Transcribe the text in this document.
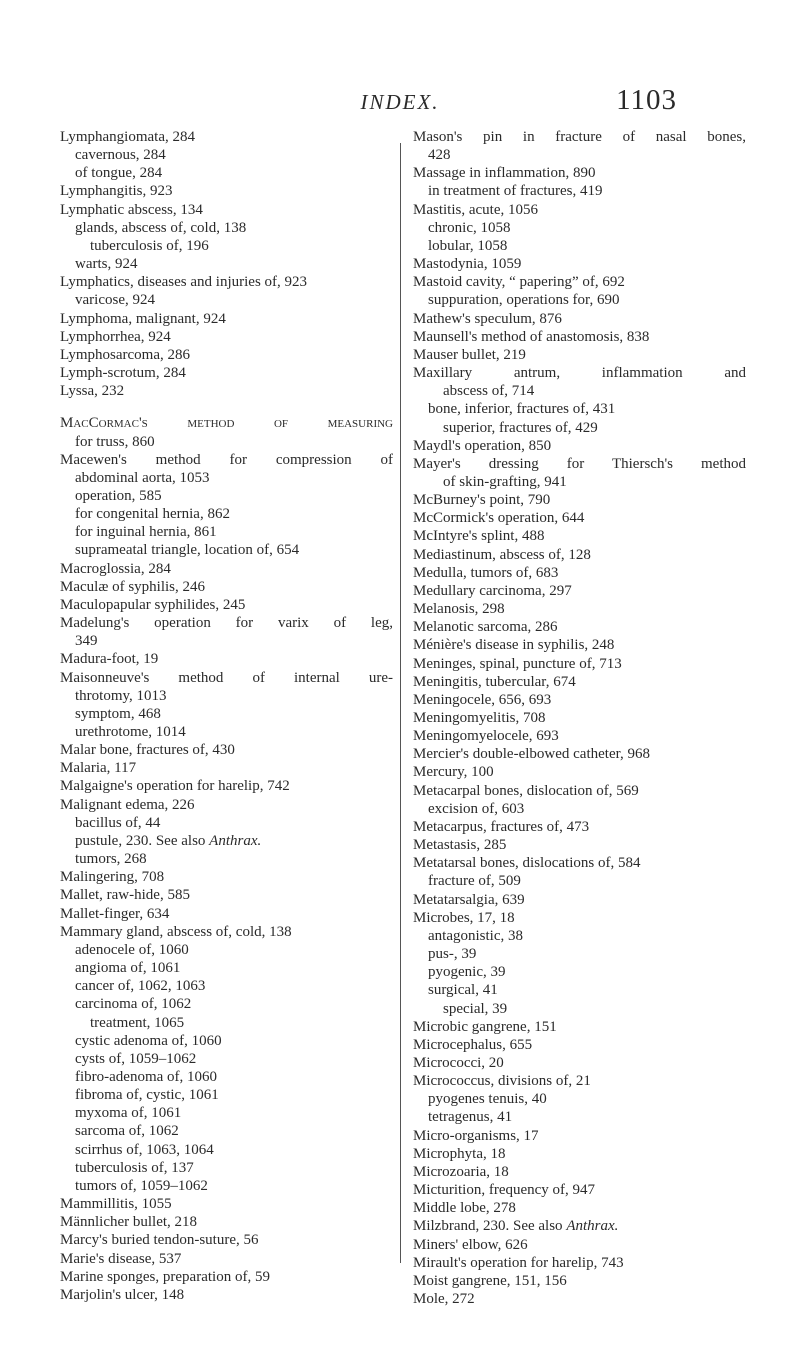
INDEX.	1103
Lymphangiomata, 284
cavernous, 284
of tongue, 284
Lymphangitis, 923
Lymphatic abscess, 134
glands, abscess of, cold, 138
tuberculosis of, 196
warts, 924
Lymphatics, diseases and injuries of, 923
varicose, 924
Lymphoma, malignant, 924
Lymphorrhea, 924
Lymphosarcoma, 286
Lymph-scrotum, 284
Lyssa, 232
MacCormac's method of measuring
for truss, 860
Macewen's method for compression of
abdominal aorta, 1053
operation, 585
for congenital hernia, 862
for inguinal hernia, 861
suprameatal triangle, location of, 654
Macroglossia, 284
Maculæ of syphilis, 246
Maculopapular syphilides, 245
Madelung's operation for varix of leg,
349
Madura-foot, 19
Maisonneuve's method of internal ure-
throtomy, 1013
symptom, 468
urethrotome, 1014
Malar bone, fractures of, 430
Malaria, 117
Malgaigne's operation for harelip, 742
Malignant edema, 226
bacillus of, 44
pustule, 230. See also Anthrax.
tumors, 268
Malingering, 708
Mallet, raw-hide, 585
Mallet-finger, 634
Mammary gland, abscess of, cold, 138
adenocele of, 1060
angioma of, 1061
cancer of, 1062, 1063
carcinoma of, 1062
treatment, 1065
cystic adenoma of, 1060
cysts of, 1059–1062
fibro-adenoma of, 1060
fibroma of, cystic, 1061
myxoma of, 1061
sarcoma of, 1062
scirrhus of, 1063, 1064
tuberculosis of, 137
tumors of, 1059–1062
Mammillitis, 1055
Männlicher bullet, 218
Marcy's buried tendon-suture, 56
Marie's disease, 537
Marine sponges, preparation of, 59
Marjolin's ulcer, 148
Mason's pin in fracture of nasal bones,
428
Massage in inflammation, 890
in treatment of fractures, 419
Mastitis, acute, 1056
chronic, 1058
lobular, 1058
Mastodynia, 1059
Mastoid cavity, “ papering” of, 692
suppuration, operations for, 690
Mathew's speculum, 876
Maunsell's method of anastomosis, 838
Mauser bullet, 219
Maxillary antrum, inflammation and
abscess of, 714
bone, inferior, fractures of, 431
superior, fractures of, 429
Maydl's operation, 850
Mayer's dressing for Thiersch's method
of skin-grafting, 941
McBurney's point, 790
McCormick's operation, 644
McIntyre's splint, 488
Mediastinum, abscess of, 128
Medulla, tumors of, 683
Medullary carcinoma, 297
Melanosis, 298
Melanotic sarcoma, 286
Ménière's disease in syphilis, 248
Meninges, spinal, puncture of, 713
Meningitis, tubercular, 674
Meningocele, 656, 693
Meningomyelitis, 708
Meningomyelocele, 693
Mercier's double-elbowed catheter, 968
Mercury, 100
Metacarpal bones, dislocation of, 569
excision of, 603
Metacarpus, fractures of, 473
Metastasis, 285
Metatarsal bones, dislocations of, 584
fracture of, 509
Metatarsalgia, 639
Microbes, 17, 18
antagonistic, 38
pus-, 39
pyogenic, 39
surgical, 41
special, 39
Microbic gangrene, 151
Microcephalus, 655
Micrococci, 20
Micrococcus, divisions of, 21
pyogenes tenuis, 40
tetragenus, 41
Micro-organisms, 17
Microphyta, 18
Microzoaria, 18
Micturition, frequency of, 947
Middle lobe, 278
Milzbrand, 230. See also Anthrax.
Miners' elbow, 626
Mirault's operation for harelip, 743
Moist gangrene, 151, 156
Mole, 272
